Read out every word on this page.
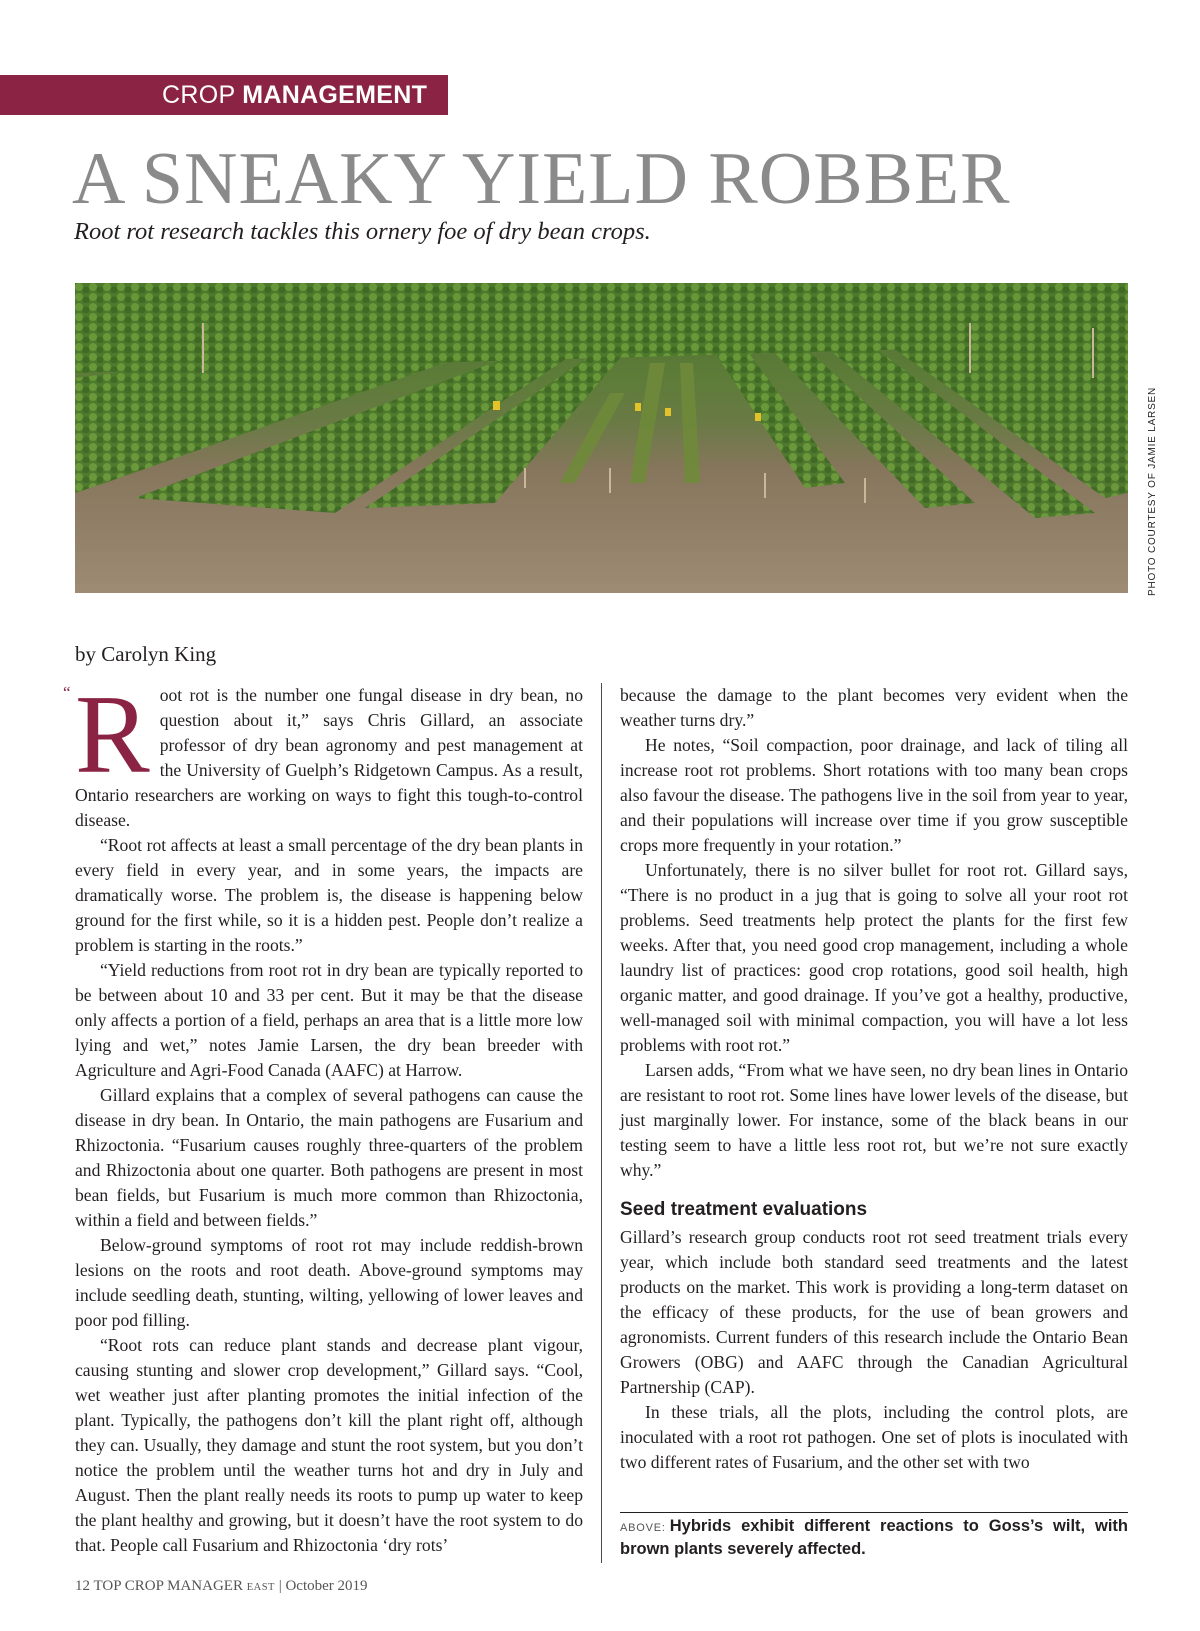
CROP MANAGEMENT
A SNEAKY YIELD ROBBER

Root rot research tackles this ornery foe of dry bean crops.

PHOTO COURTESY OF JAMIE LARSEN

by Carolyn King

“ Root rot is the number one fungal disease in dry bean, no question about it,” says Chris Gillard, an associate professor of dry bean agronomy and pest management at the University of Guelph’s Ridgetown Campus. As a result, Ontario researchers are working on ways to fight this tough-to-control disease.

“Root rot affects at least a small percentage of the dry bean plants in every field in every year, and in some years, the impacts are dramatically worse. The problem is, the disease is happening below ground for the first while, so it is a hidden pest. People don’t realize a problem is starting in the roots.”

“Yield reductions from root rot in dry bean are typically reported to be between about 10 and 33 per cent. But it may be that the disease only affects a portion of a field, perhaps an area that is a little more low lying and wet,” notes Jamie Larsen, the dry bean breeder with Agriculture and Agri-Food Canada (AAFC) at Harrow.

Gillard explains that a complex of several pathogens can cause the disease in dry bean. In Ontario, the main pathogens are Fusarium and Rhizoctonia. “Fusarium causes roughly three-quarters of the problem and Rhizoctonia about one quarter. Both pathogens are present in most bean fields, but Fusarium is much more common than Rhizoctonia, within a field and between fields.”

Below-ground symptoms of root rot may include reddish-brown lesions on the roots and root death. Above-ground symptoms may include seedling death, stunting, wilting, yellowing of lower leaves and poor pod filling.

“Root rots can reduce plant stands and decrease plant vigour, causing stunting and slower crop development,” Gillard says. “Cool, wet weather just after planting promotes the initial infection of the plant. Typically, the pathogens don’t kill the plant right off, although they can. Usually, they damage and stunt the root system, but you don’t notice the problem until the weather turns hot and dry in July and August. Then the plant really needs its roots to pump up water to keep the plant healthy and growing, but it doesn’t have the root system to do that. People call Fusarium and Rhizoctonia ‘dry rots’

because the damage to the plant becomes very evident when the weather turns dry.”

He notes, “Soil compaction, poor drainage, and lack of tiling all increase root rot problems. Short rotations with too many bean crops also favour the disease. The pathogens live in the soil from year to year, and their populations will increase over time if you grow susceptible crops more frequently in your rotation.”

Unfortunately, there is no silver bullet for root rot. Gillard says, “There is no product in a jug that is going to solve all your root rot problems. Seed treatments help protect the plants for the first few weeks. After that, you need good crop management, including a whole laundry list of practices: good crop rotations, good soil health, high organic matter, and good drainage. If you’ve got a healthy, productive, well-managed soil with minimal compaction, you will have a lot less problems with root rot.”

Larsen adds, “From what we have seen, no dry bean lines in Ontario are resistant to root rot. Some lines have lower levels of the disease, but just marginally lower. For instance, some of the black beans in our testing seem to have a little less root rot, but we’re not sure exactly why.”

Seed treatment evaluations

Gillard’s research group conducts root rot seed treatment trials every year, which include both standard seed treatments and the latest products on the market. This work is providing a long-term dataset on the efficacy of these products, for the use of bean growers and agronomists. Current funders of this research include the Ontario Bean Growers (OBG) and AAFC through the Canadian Agricultural Partnership (CAP).

In these trials, all the plots, including the control plots, are inoculated with a root rot pathogen. One set of plots is inoculated with two different rates of Fusarium, and the other set with two

ABOVE: Hybrids exhibit different reactions to Goss’s wilt, with brown plants severely affected.

12 TOP CROP MANAGER EAST | October 2019
